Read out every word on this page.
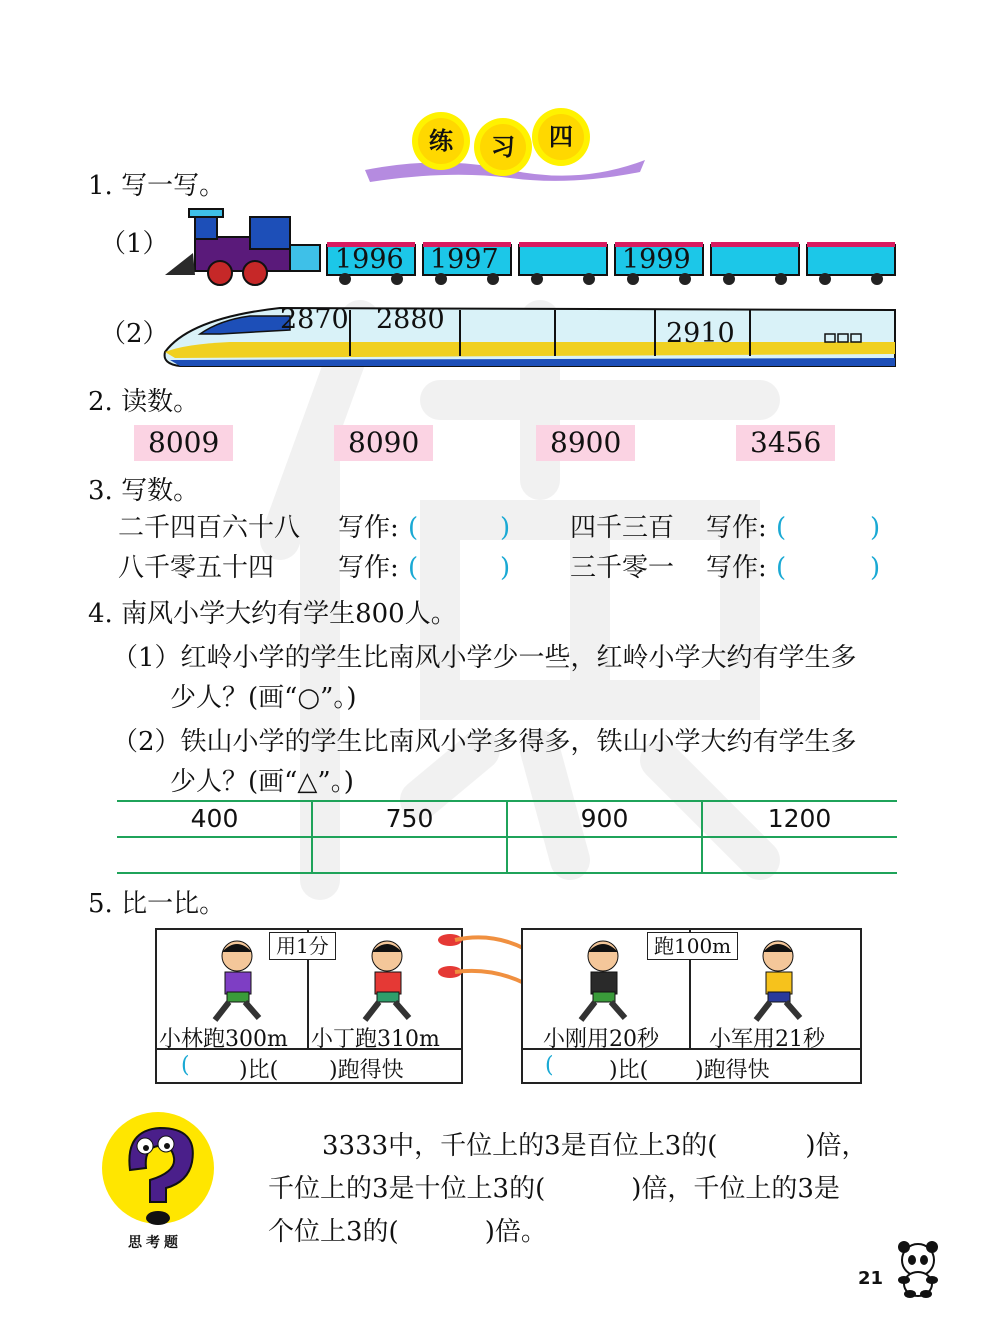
练	习	四
1. 写一写。
（1）	1996 1997	1999
（2）	2870 2880	2910
2. 读数。
8009	8090	8900	3456
3. 写数。
二千四百六十八 写作: (	) 四千三百 写作: (	)
八千零五十四 写作: (	) 三千零一 写作: (	)
4. 南风小学大约有学生800人。
（1）红岭小学的学生比南风小学少一些，红岭小学大约有学生多
少人？(画“○”。)
（2）铁山小学的学生比南风小学多得多，铁山小学大约有学生多
少人？(画“△”。)
400	750	900	1200
5. 比一比。
用1分
小林跑300m 小丁跑310m
( )比( )跑得快
跑100m
小刚用20秒 小军用21秒
(	)比( )跑得快
思考题
3333中，千位上的3是百位上3的(	)倍，
千位上的3是十位上3的(	)倍，千位上的3是
个位上3的(	)倍。
21
